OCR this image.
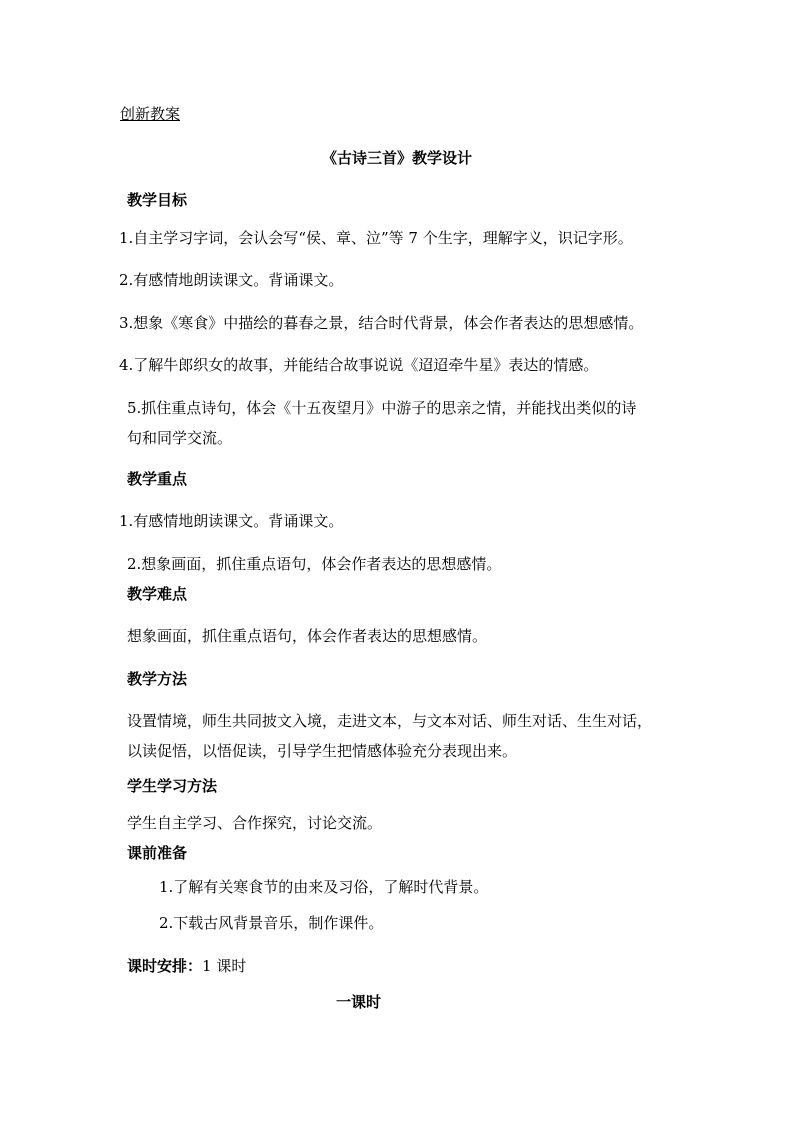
创新教案
《古诗三首》教学设计
教学目标
1.自主学习字词，会认会写“侯、章、泣”等 7 个生字，理解字义，识记字形。
2.有感情地朗读课文。背诵课文。
3.想象《寒食》中描绘的暮春之景，结合时代背景，体会作者表达的思想感情。
4.了解牛郎织女的故事，并能结合故事说说《迢迢牵牛星》表达的情感。
5.抓住重点诗句，体会《十五夜望月》中游子的思亲之情，并能找出类似的诗
句和同学交流。
教学重点
1.有感情地朗读课文。背诵课文。
2.想象画面，抓住重点语句，体会作者表达的思想感情。
教学难点
想象画面，抓住重点语句，体会作者表达的思想感情。
教学方法
设置情境，师生共同披文入境，走进文本，与文本对话、师生对话、生生对话，
以读促悟，以悟促读，引导学生把情感体验充分表现出来。
学生学习方法
学生自主学习、合作探究，讨论交流。
课前准备
1.了解有关寒食节的由来及习俗，了解时代背景。
2.下载古风背景音乐，制作课件。
课时安排：1 课时
一课时
